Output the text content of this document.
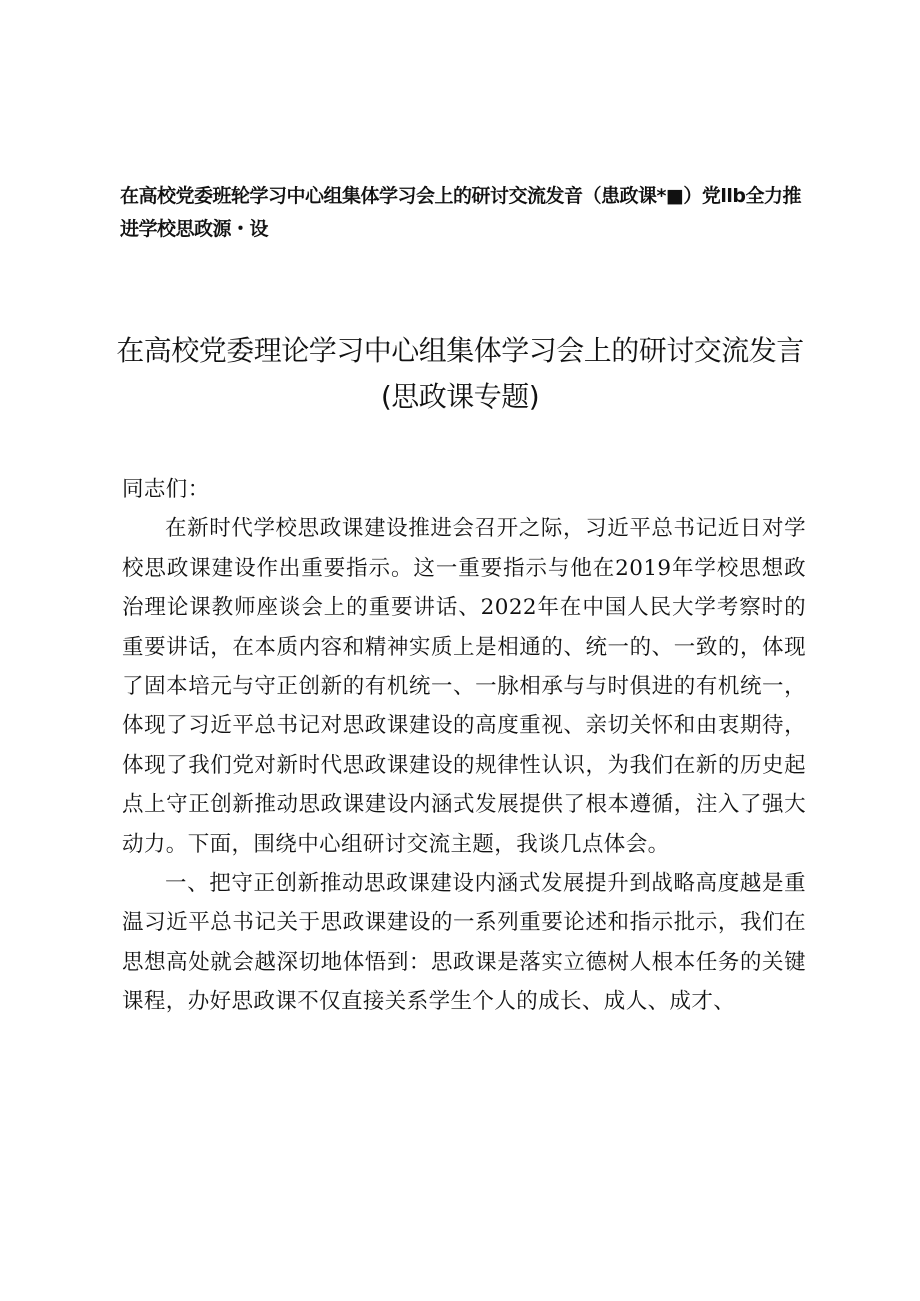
在高校党委班轮学习中心组集体学习会上的研讨交流发音（患政课*■）党llb全力推进学校思政源・设
在高校党委理论学习中心组集体学习会上的研讨交流发言
(思政课专题)

同志们：

在新时代学校思政课建设推进会召开之际，习近平总书记近日对学校思政课建设作出重要指示。这一重要指示与他在2019年学校思想政治理论课教师座谈会上的重要讲话、2022年在中国人民大学考察时的重要讲话，在本质内容和精神实质上是相通的、统一的、一致的，体现了固本培元与守正创新的有机统一、一脉相承与与时俱进的有机统一，体现了习近平总书记对思政课建设的高度重视、亲切关怀和由衷期待，体现了我们党对新时代思政课建设的规律性认识，为我们在新的历史起点上守正创新推动思政课建设内涵式发展提供了根本遵循，注入了强大动力。下面，围绕中心组研讨交流主题，我谈几点体会。

一、把守正创新推动思政课建设内涵式发展提升到战略高度越是重温习近平总书记关于思政课建设的一系列重要论述和指示批示，我们在思想高处就会越深切地体悟到：思政课是落实立德树人根本任务的关键课程，办好思政课不仅直接关系学生个人的成长、成人、成才、
